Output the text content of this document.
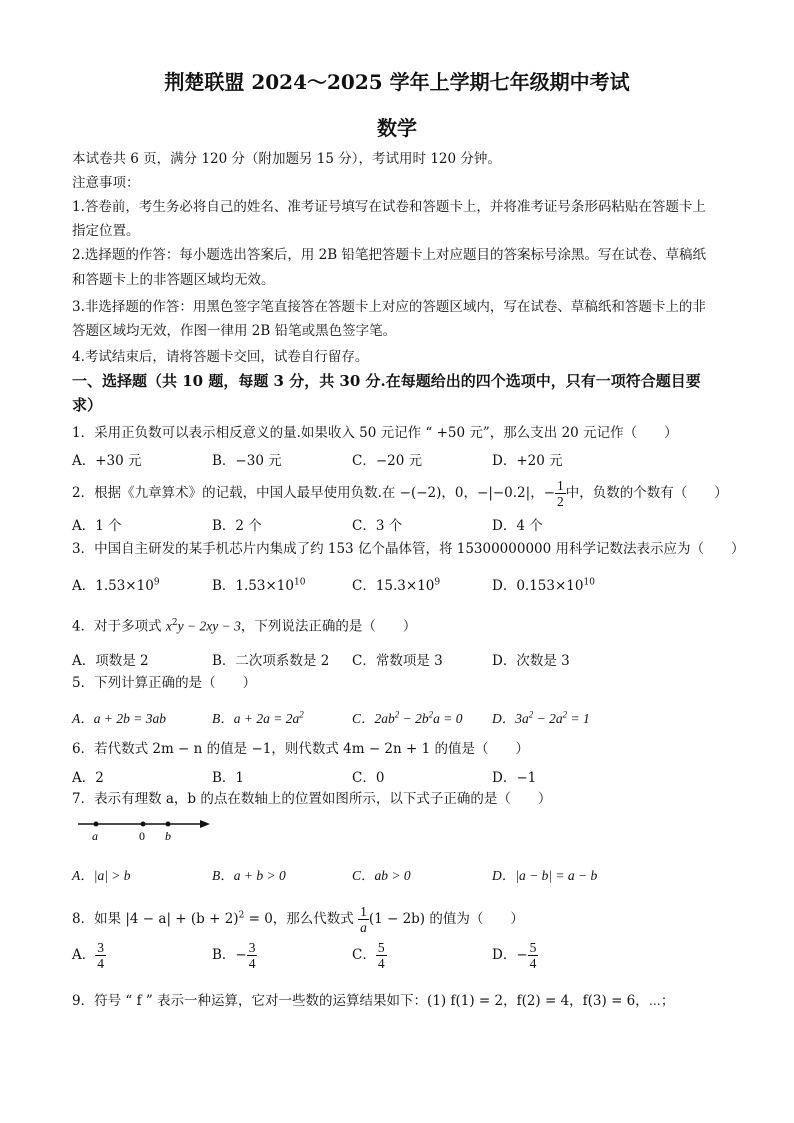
荆楚联盟 2024～2025 学年上学期七年级期中考试
数学
本试卷共 6 页，满分 120 分（附加题另 15 分），考试用时 120 分钟。
注意事项：
1.答卷前，考生务必将自己的姓名、准考证号填写在试卷和答题卡上，并将准考证号条形码粘贴在答题卡上
指定位置。
2.选择题的作答：每小题选出答案后，用 2B 铅笔把答题卡上对应题目的答案标号涂黑。写在试卷、草稿纸
和答题卡上的非答题区域均无效。
3.非选择题的作答：用黑色签字笔直接答在答题卡上对应的答题区域内，写在试卷、草稿纸和答题卡上的非
答题区域均无效，作图一律用 2B 铅笔或黑色签字笔。
4.考试结束后，请将答题卡交回，试卷自行留存。
一、选择题（共 10 题，每题 3 分，共 30 分.在每题给出的四个选项中，只有一项符合题目要
求）
1．采用正负数可以表示相反意义的量.如果收入 50 元记作 “ +50 元”，那么支出 20 元记作（　　）
A．+30 元	B．−30 元	C．−20 元	D．+20 元
2．根据《九章算术》的记载，中国人最早使用负数.在 −(−2)，0，−|−0.2|，− $\frac{1}{2}$ 中，负数的个数有（　　）
A．1 个	B．2 个	C．3 个	D．4 个
3．中国自主研发的某手机芯片内集成了约 153 亿个晶体管，将 15300000000 用科学记数法表示应为（　　）
A．$1.53\times 10^9$	B．$1.53\times 10^{10}$	C．$15.3\times 10^9$	D．$0.153\times 10^{10}$
4．对于多项式 $x^2y - 2xy - 3$，下列说法正确的是（　　）
A．项数是 2	B．二次项系数是 2 C．常数项是 3	D．次数是 3
5．下列计算正确的是（　　）
A．a + 2b = 3ab	B．$a + 2a = 2a^2$	C．$2ab^2 - 2b^2a = 0$ D．$3a^2 - 2a^2 = 1$
6．若代数式 2m − n 的值是 −1，则代数式 4m − 2n + 1 的值是（　　）
A．2	B．1	C．0	D．−1
7．表示有理数 a，b 的点在数轴上的位置如图所示，以下式子正确的是（　　）
a	0 b
A．|a| > b	B．a + b > 0	C．ab > 0	D．|a − b| = a − b
8．如果 $|4 - a| + (b + 2)^2 = 0$，那么代数式 $\frac{1}{a} (1 - 2b)$ 的值为（　　）
A． $\frac{3}{4}$	B．− $\frac{3}{4}$	C． $\frac{5}{4}$	D．− $\frac{5}{4}$
9．符号 “ f ” 表示一种运算，它对一些数的运算结果如下：(1) f(1) = 2，f(2) = 4，f(3) = 6，⋯；
